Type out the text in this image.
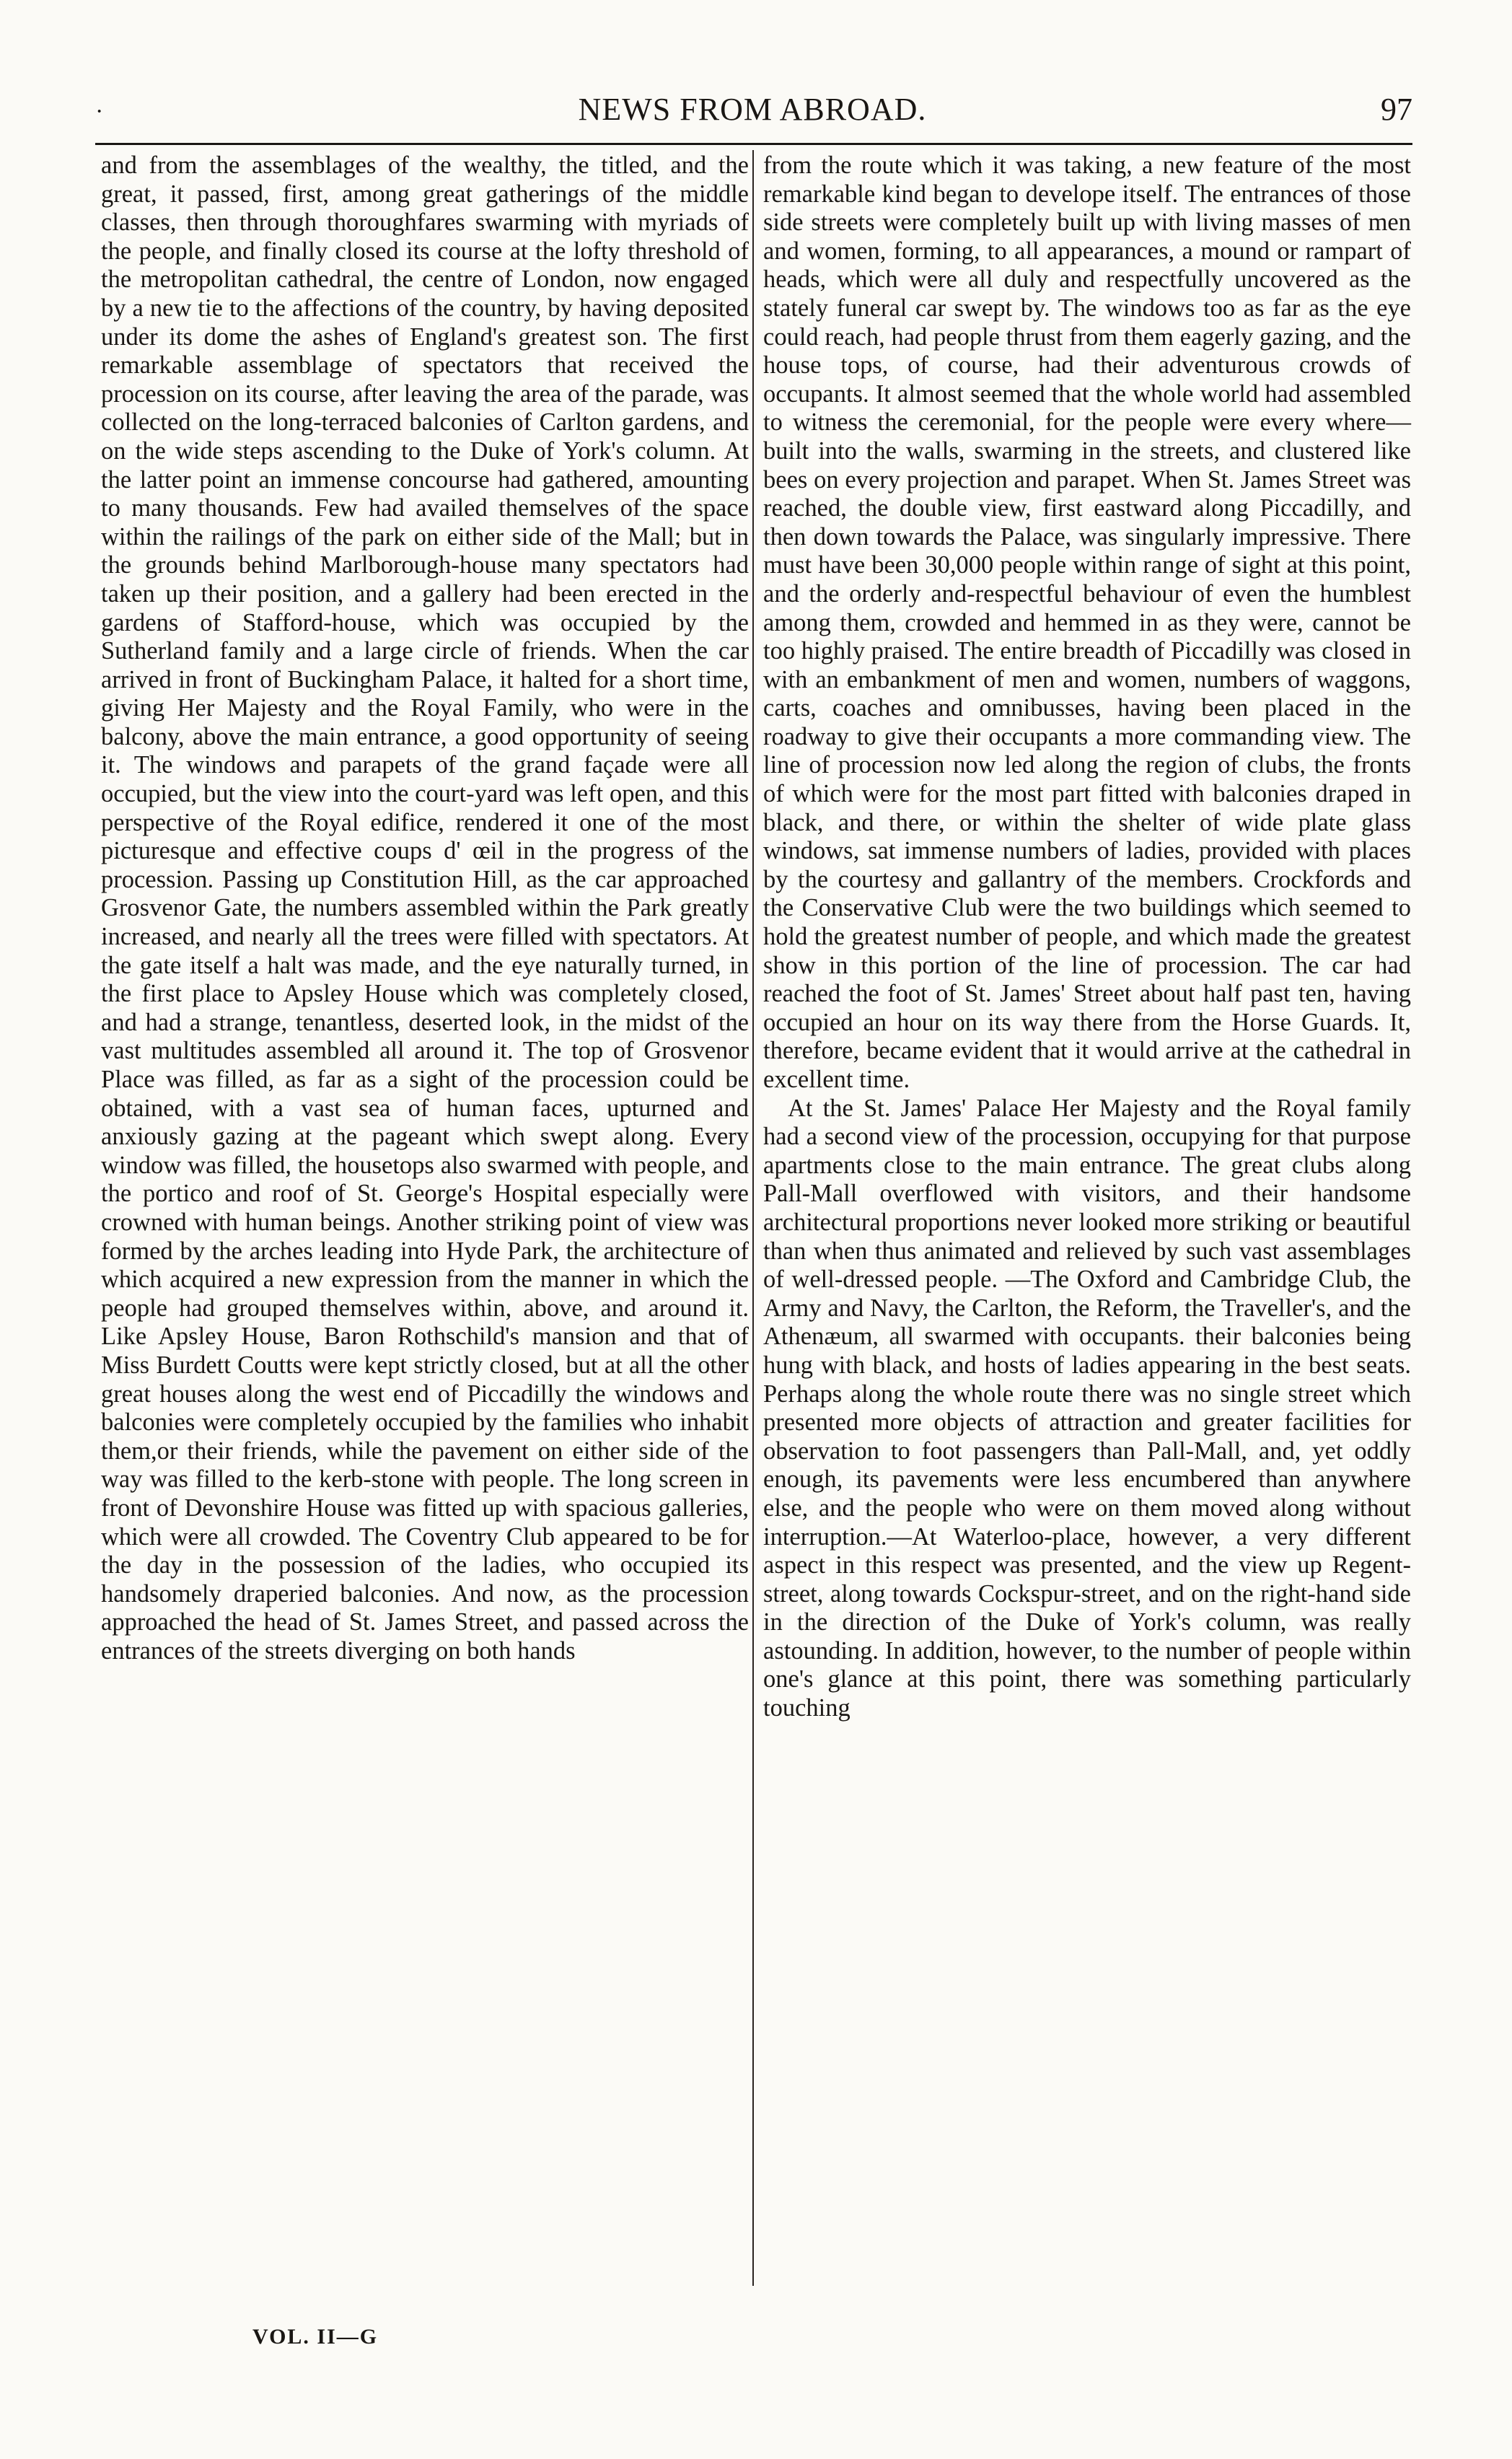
·	NEWS FROM ABROAD.	97

and from the assemblages of the wealthy, the titled, and the great, it passed, first, among great gatherings of the middle classes, then through thoroughfares swarming with myriads of the people, and finally closed its course at the lofty threshold of the metropolitan cathedral, the centre of London, now engaged by a new tie to the affections of the country, by having deposited under its dome the ashes of England's greatest son. The first remarkable assemblage of spectators that received the procession on its course, after leaving the area of the parade, was collected on the long-terraced balconies of Carlton gardens, and on the wide steps ascending to the Duke of York's column. At the latter point an immense concourse had gathered, amounting to many thousands. Few had availed themselves of the space within the railings of the park on either side of the Mall; but in the grounds behind Marlborough-house many spectators had taken up their position, and a gallery had been erected in the gardens of Stafford-house, which was occupied by the Sutherland family and a large circle of friends. When the car arrived in front of Buckingham Palace, it halted for a short time, giving Her Majesty and the Royal Family, who were in the balcony, above the main entrance, a good opportunity of seeing it. The windows and parapets of the grand façade were all occupied, but the view into the court-yard was left open, and this perspective of the Royal edifice, rendered it one of the most picturesque and effective coups d' œil in the progress of the procession. Passing up Constitution Hill, as the car approached Grosvenor Gate, the numbers assembled within the Park greatly increased, and nearly all the trees were filled with spectators. At the gate itself a halt was made, and the eye naturally turned, in the first place to Apsley House which was completely closed, and had a strange, tenantless, deserted look, in the midst of the vast multitudes assembled all around it. The top of Grosvenor Place was filled, as far as a sight of the procession could be obtained, with a vast sea of human faces, upturned and anxiously gazing at the pageant which swept along. Every window was filled, the housetops also swarmed with people, and the portico and roof of St. George's Hospital especially were crowned with human beings. Another striking point of view was formed by the arches leading into Hyde Park, the architecture of which acquired a new expression from the manner in which the people had grouped themselves within, above, and around it. Like Apsley House, Baron Rothschild's mansion and that of Miss Burdett Coutts were kept strictly closed, but at all the other great houses along the west end of Piccadilly the windows and balconies were completely occupied by the families who inhabit them,or their friends, while the pavement on either side of the way was filled to the kerb-stone with people. The long screen in front of Devonshire House was fitted up with spacious galleries, which were all crowded. The Coventry Club appeared to be for the day in the possession of the ladies, who occupied its handsomely draperied balconies. And now, as the procession approached the head of St. James Street, and passed across the entrances of the streets diverging on both hands

from the route which it was taking, a new feature of the most remarkable kind began to develope itself. The entrances of those side streets were completely built up with living masses of men and women, forming, to all appearances, a mound or rampart of heads, which were all duly and respectfully uncovered as the stately funeral car swept by. The windows too as far as the eye could reach, had people thrust from them eagerly gazing, and the house tops, of course, had their adventurous crowds of occupants. It almost seemed that the whole world had assembled to witness the ceremonial, for the people were every where—built into the walls, swarming in the streets, and clustered like bees on every projection and parapet. When St. James Street was reached, the double view, first eastward along Piccadilly, and then down towards the Palace, was singularly impressive. There must have been 30,000 people within range of sight at this point, and the orderly and-respectful behaviour of even the humblest among them, crowded and hemmed in as they were, cannot be too highly praised. The entire breadth of Piccadilly was closed in with an embankment of men and women, numbers of waggons, carts, coaches and omnibusses, having been placed in the roadway to give their occupants a more commanding view. The line of procession now led along the region of clubs, the fronts of which were for the most part fitted with balconies draped in black, and there, or within the shelter of wide plate glass windows, sat immense numbers of ladies, provided with places by the courtesy and gallantry of the members. Crockfords and the Conservative Club were the two buildings which seemed to hold the greatest number of people, and which made the greatest show in this portion of the line of procession. The car had reached the foot of St. James' Street about half past ten, having occupied an hour on its way there from the Horse Guards. It, therefore, became evident that it would arrive at the cathedral in excellent time.

At the St. James' Palace Her Majesty and the Royal family had a second view of the procession, occupying for that purpose apartments close to the main entrance. The great clubs along Pall-Mall overflowed with visitors, and their handsome architectural proportions never looked more striking or beautiful than when thus animated and relieved by such vast assemblages of well-dressed people. —The Oxford and Cambridge Club, the Army and Navy, the Carlton, the Reform, the Traveller's, and the Athenæum, all swarmed with occupants. their balconies being hung with black, and hosts of ladies appearing in the best seats. Perhaps along the whole route there was no single street which presented more objects of attraction and greater facilities for observation to foot passengers than Pall-Mall, and, yet oddly enough, its pavements were less encumbered than anywhere else, and the people who were on them moved along without interruption.—At Waterloo-place, however, a very different aspect in this respect was presented, and the view up Regent-street, along towards Cockspur-street, and on the right-hand side in the direction of the Duke of York's column, was really astounding. In addition, however, to the number of people within one's glance at this point, there was something particularly touching

VOL. II—G
